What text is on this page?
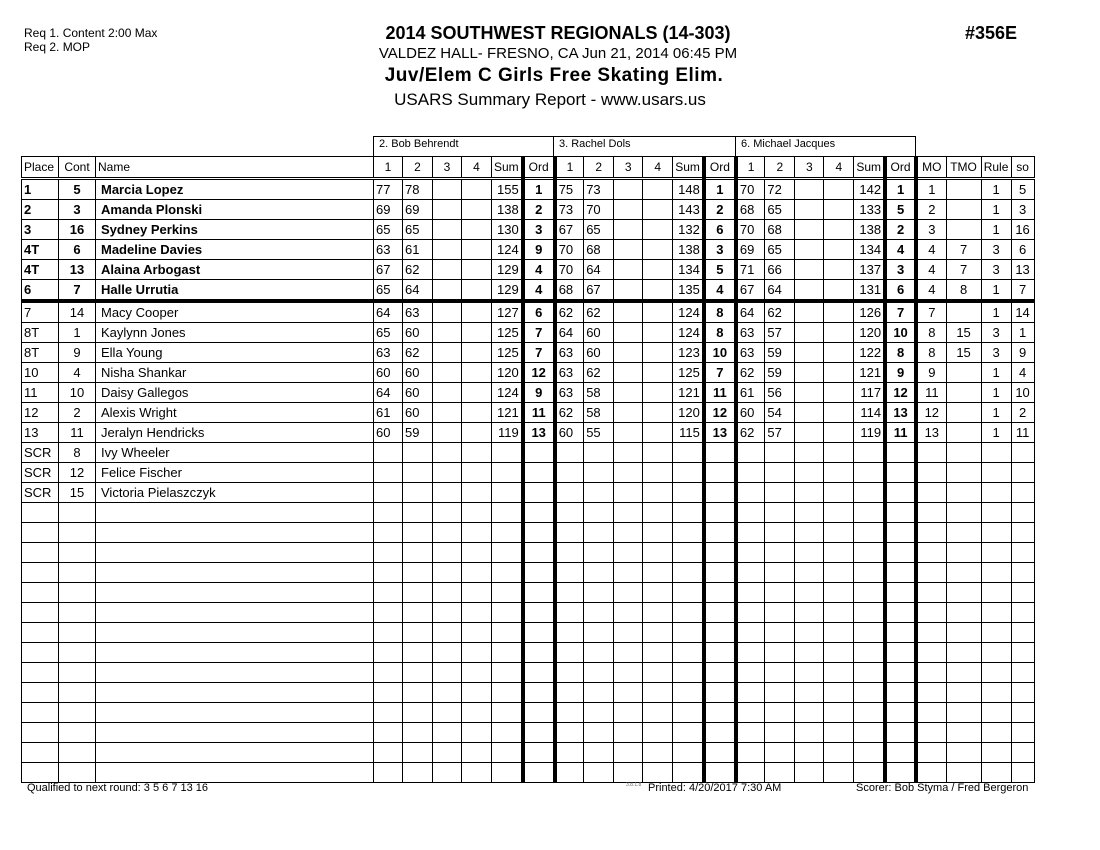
Req 1. Content 2:00 Max
Req 2. MOP
2014 SOUTHWEST REGIONALS (14-303)
VALDEZ HALL- FRESNO, CA Jun 21, 2014 06:45 PM
Juv/Elem C Girls Free Skating Elim.
USARS Summary Report - www.usars.us
#356E
2. Bob Behrendt	3. Rachel Dols	6. Michael Jacques
Place	Cont	Name	1	2	3	4	Sum	Ord	1	2	3	4	Sum	Ord	1	2	3	4	Sum	Ord	MO	TMO	Rule	so
1	5	Marcia Lopez	77	78			155	1	75	73			148	1	70	72			142	1	1		1	5
2	3	Amanda Plonski	69	69			138	2	73	70			143	2	68	65			133	5	2		1	3
3	16	Sydney Perkins	65	65			130	3	67	65			132	6	70	68			138	2	3		1	16
4T	6	Madeline Davies	63	61			124	9	70	68			138	3	69	65			134	4	4	7	3	6
4T	13	Alaina Arbogast	67	62			129	4	70	64			134	5	71	66			137	3	4	7	3	13
6	7	Halle Urrutia	65	64			129	4	68	67			135	4	67	64			131	6	4	8	1	7
7	14	Macy Cooper	64	63			127	6	62	62			124	8	64	62			126	7	7		1	14
8T	1	Kaylynn Jones	65	60			125	7	64	60			124	8	63	57			120	10	8	15	3	1
8T	9	Ella Young	63	62			125	7	63	60			123	10	63	59			122	8	8	15	3	9
10	4	Nisha Shankar	60	60			120	12	63	62			125	7	62	59			121	9	9		1	4
11	10	Daisy Gallegos	64	60			124	9	63	58			121	11	61	56			117	12	11		1	10
12	2	Alexis Wright	61	60			121	11	62	58			120	12	60	54			114	13	12		1	2
13	11	Jeralyn Hendricks	60	59			119	13	60	55			115	13	62	57			119	11	13		1	11
SCR	8	Ivy Wheeler																						
SCR	12	Felice Fischer																						
SCR	15	Victoria Pielaszczyk																						

Qualified to next round: 3 5 6 7 13 16	3.8.1.8 Printed: 4/20/2017 7:30 AM	Scorer: Bob Styma / Fred Bergeron
